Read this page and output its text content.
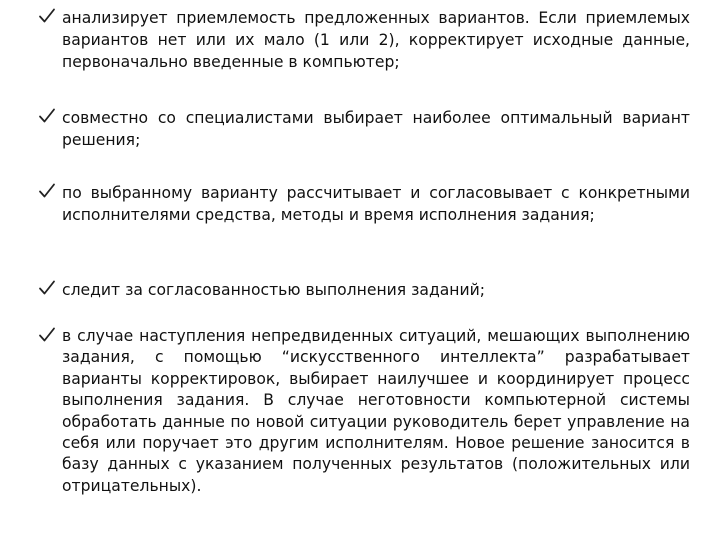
анализирует приемлемость предложенных вариантов. Если приемлемых вариантов нет или их мало (1 или 2), корректирует исходные данные, первоначально введенные в компьютер;
совместно со специалистами выбирает наиболее оптимальный вариант решения;
по выбранному варианту рассчитывает и согласовывает с конкретными исполнителями средства, методы и время исполнения задания;
следит за согласованностью выполнения заданий;
в случае наступления непредвиденных ситуаций, мешающих выполнению задания, с помощью “искусственного интеллекта” разрабатывает варианты корректировок, выбирает наилучшее и координирует процесс выполнения задания. В случае неготовности компьютерной системы обработать данные по новой ситуации руководитель берет управление на себя или поручает это другим исполнителям. Новое решение заносится в базу данных с указанием полученных результатов (положительных или отрицательных).
